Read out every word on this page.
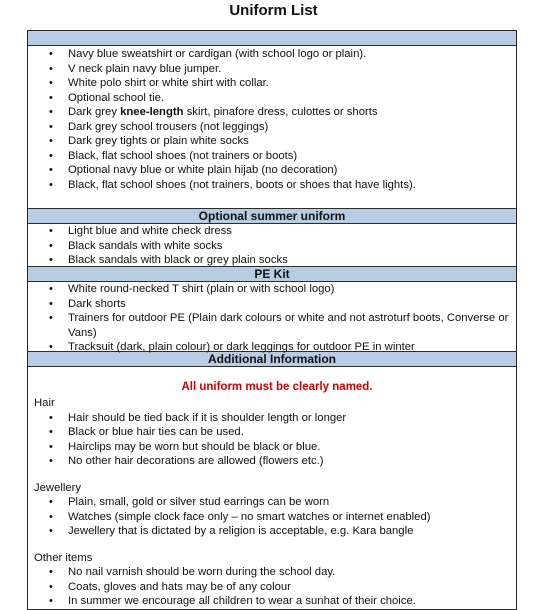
Uniform List
• Navy blue sweatshirt or cardigan (with school logo or plain).
• V neck plain navy blue jumper.
• White polo shirt or white shirt with collar.
• Optional school tie.
• Dark grey knee-length skirt, pinafore dress, culottes or shorts
• Dark grey school trousers (not leggings)
• Dark grey tights or plain white socks
• Black, flat school shoes (not trainers or boots)
• Optional navy blue or white plain hijab (no decoration)
• Black, flat school shoes (not trainers, boots or shoes that have lights).
Optional summer uniform
• Light blue and white check dress
• Black sandals with white socks
• Black sandals with black or grey plain socks
PE Kit
• White round-necked T shirt (plain or with school logo)
• Dark shorts
• Trainers for outdoor PE (Plain dark colours or white and not astroturf boots, Converse or Vans)
• Tracksuit (dark, plain colour) or dark leggings for outdoor PE in winter
Additional Information
All uniform must be clearly named.
Hair
• Hair should be tied back if it is shoulder length or longer
• Black or blue hair ties can be used.
• Hairclips may be worn but should be black or blue.
• No other hair decorations are allowed (flowers etc.)
Jewellery
• Plain, small, gold or silver stud earrings can be worn
• Watches (simple clock face only – no smart watches or internet enabled)
• Jewellery that is dictated by a religion is acceptable, e.g. Kara bangle
Other items
• No nail varnish should be worn during the school day.
• Coats, gloves and hats may be of any colour
• In summer we encourage all children to wear a sunhat of their choice.
